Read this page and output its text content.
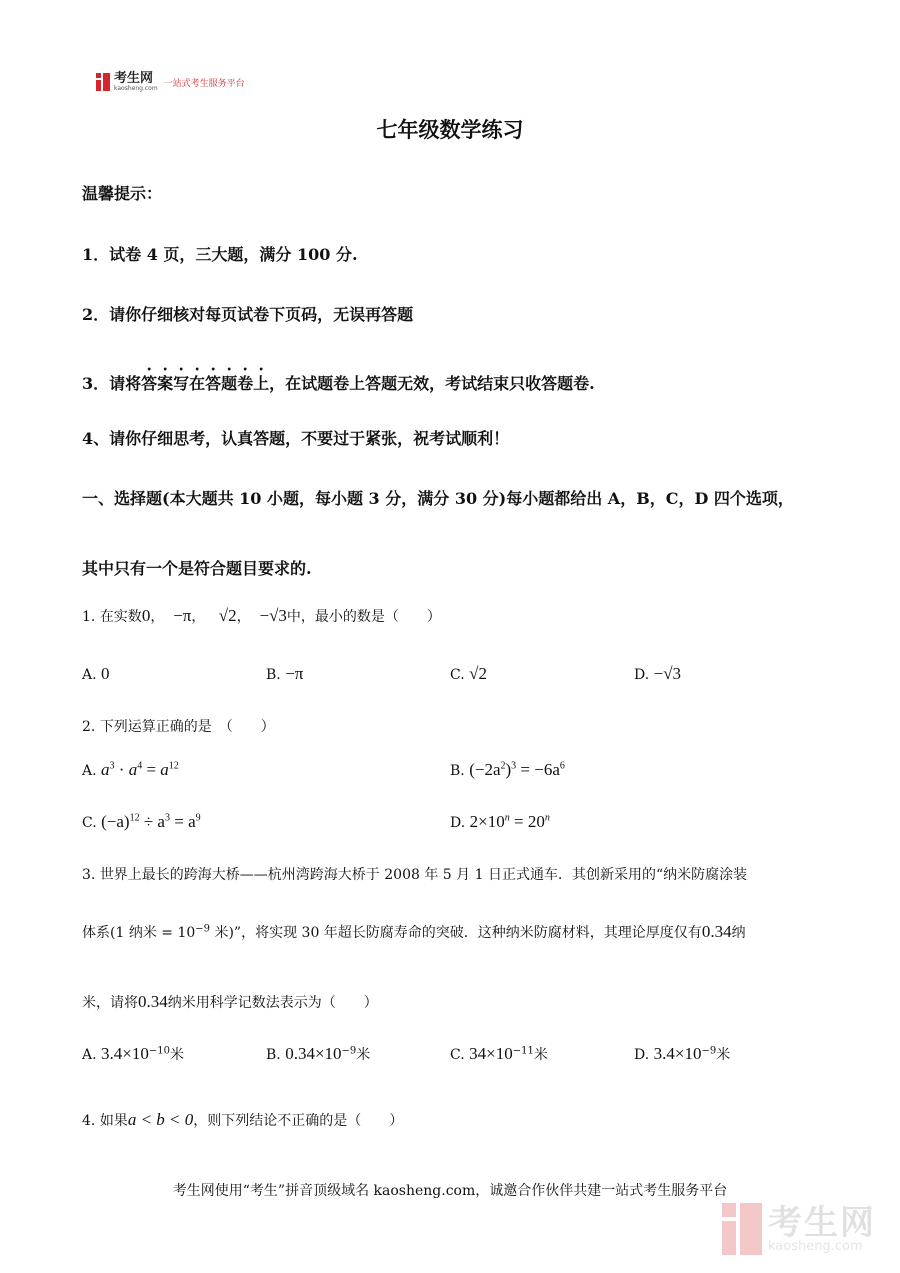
考生网
kaosheng.com 一站式考生服务平台
七年级数学练习
温馨提示：
1．试卷 4 页，三大题，满分 100 分.
2．请你仔细核对每页试卷下页码，无误再答题
3．请将答案写在答题卷上，在试题卷上答题无效，考试结束只收答题卷.
4、请你仔细思考，认真答题，不要过于紧张，祝考试顺利！
一、选择题(本大题共 10 小题，每小题 3 分，满分 30 分)每小题都给出 A，B，C，D 四个选项，
其中只有一个是符合题目要求的.
1. 在实数0， −π， √2， −√3中，最小的数是（　　）
A. 0	B. −π	C. √2	D. −√3
2. 下列运算正确的是　（　　）
A. $a^3 \cdot a^4 = a^{12}$	B. $(-2a^2)^3 = -6a^6$
C. $(-a)^{12} \div a^3 = a^9$	D. $2\times 10^n = 20^n$
3. 世界上最长的跨海大桥——杭州湾跨海大桥于 2008 年 5 月 1 日正式通车．其创新采用的“纳米防腐涂装
体系(1 纳米 = $10^{-9}$ 米)”，将实现 30 年超长防腐寿命的突破．这种纳米防腐材料，其理论厚度仅有0.34纳
米，请将0.34纳米用科学记数法表示为（　　）
A. $3.4\times 10^{-10}$米	B. $0.34\times 10^{-9}$米	C. $34\times 10^{-11}$米	D. $3.4\times 10^{-9}$米
4. 如果a < b < 0，则下列结论不正确的是（　　）
考生网使用“考生”拼音顶级域名 kaosheng.com，诚邀合作伙伴共建一站式考生服务平台
考生网
kaosheng.com
